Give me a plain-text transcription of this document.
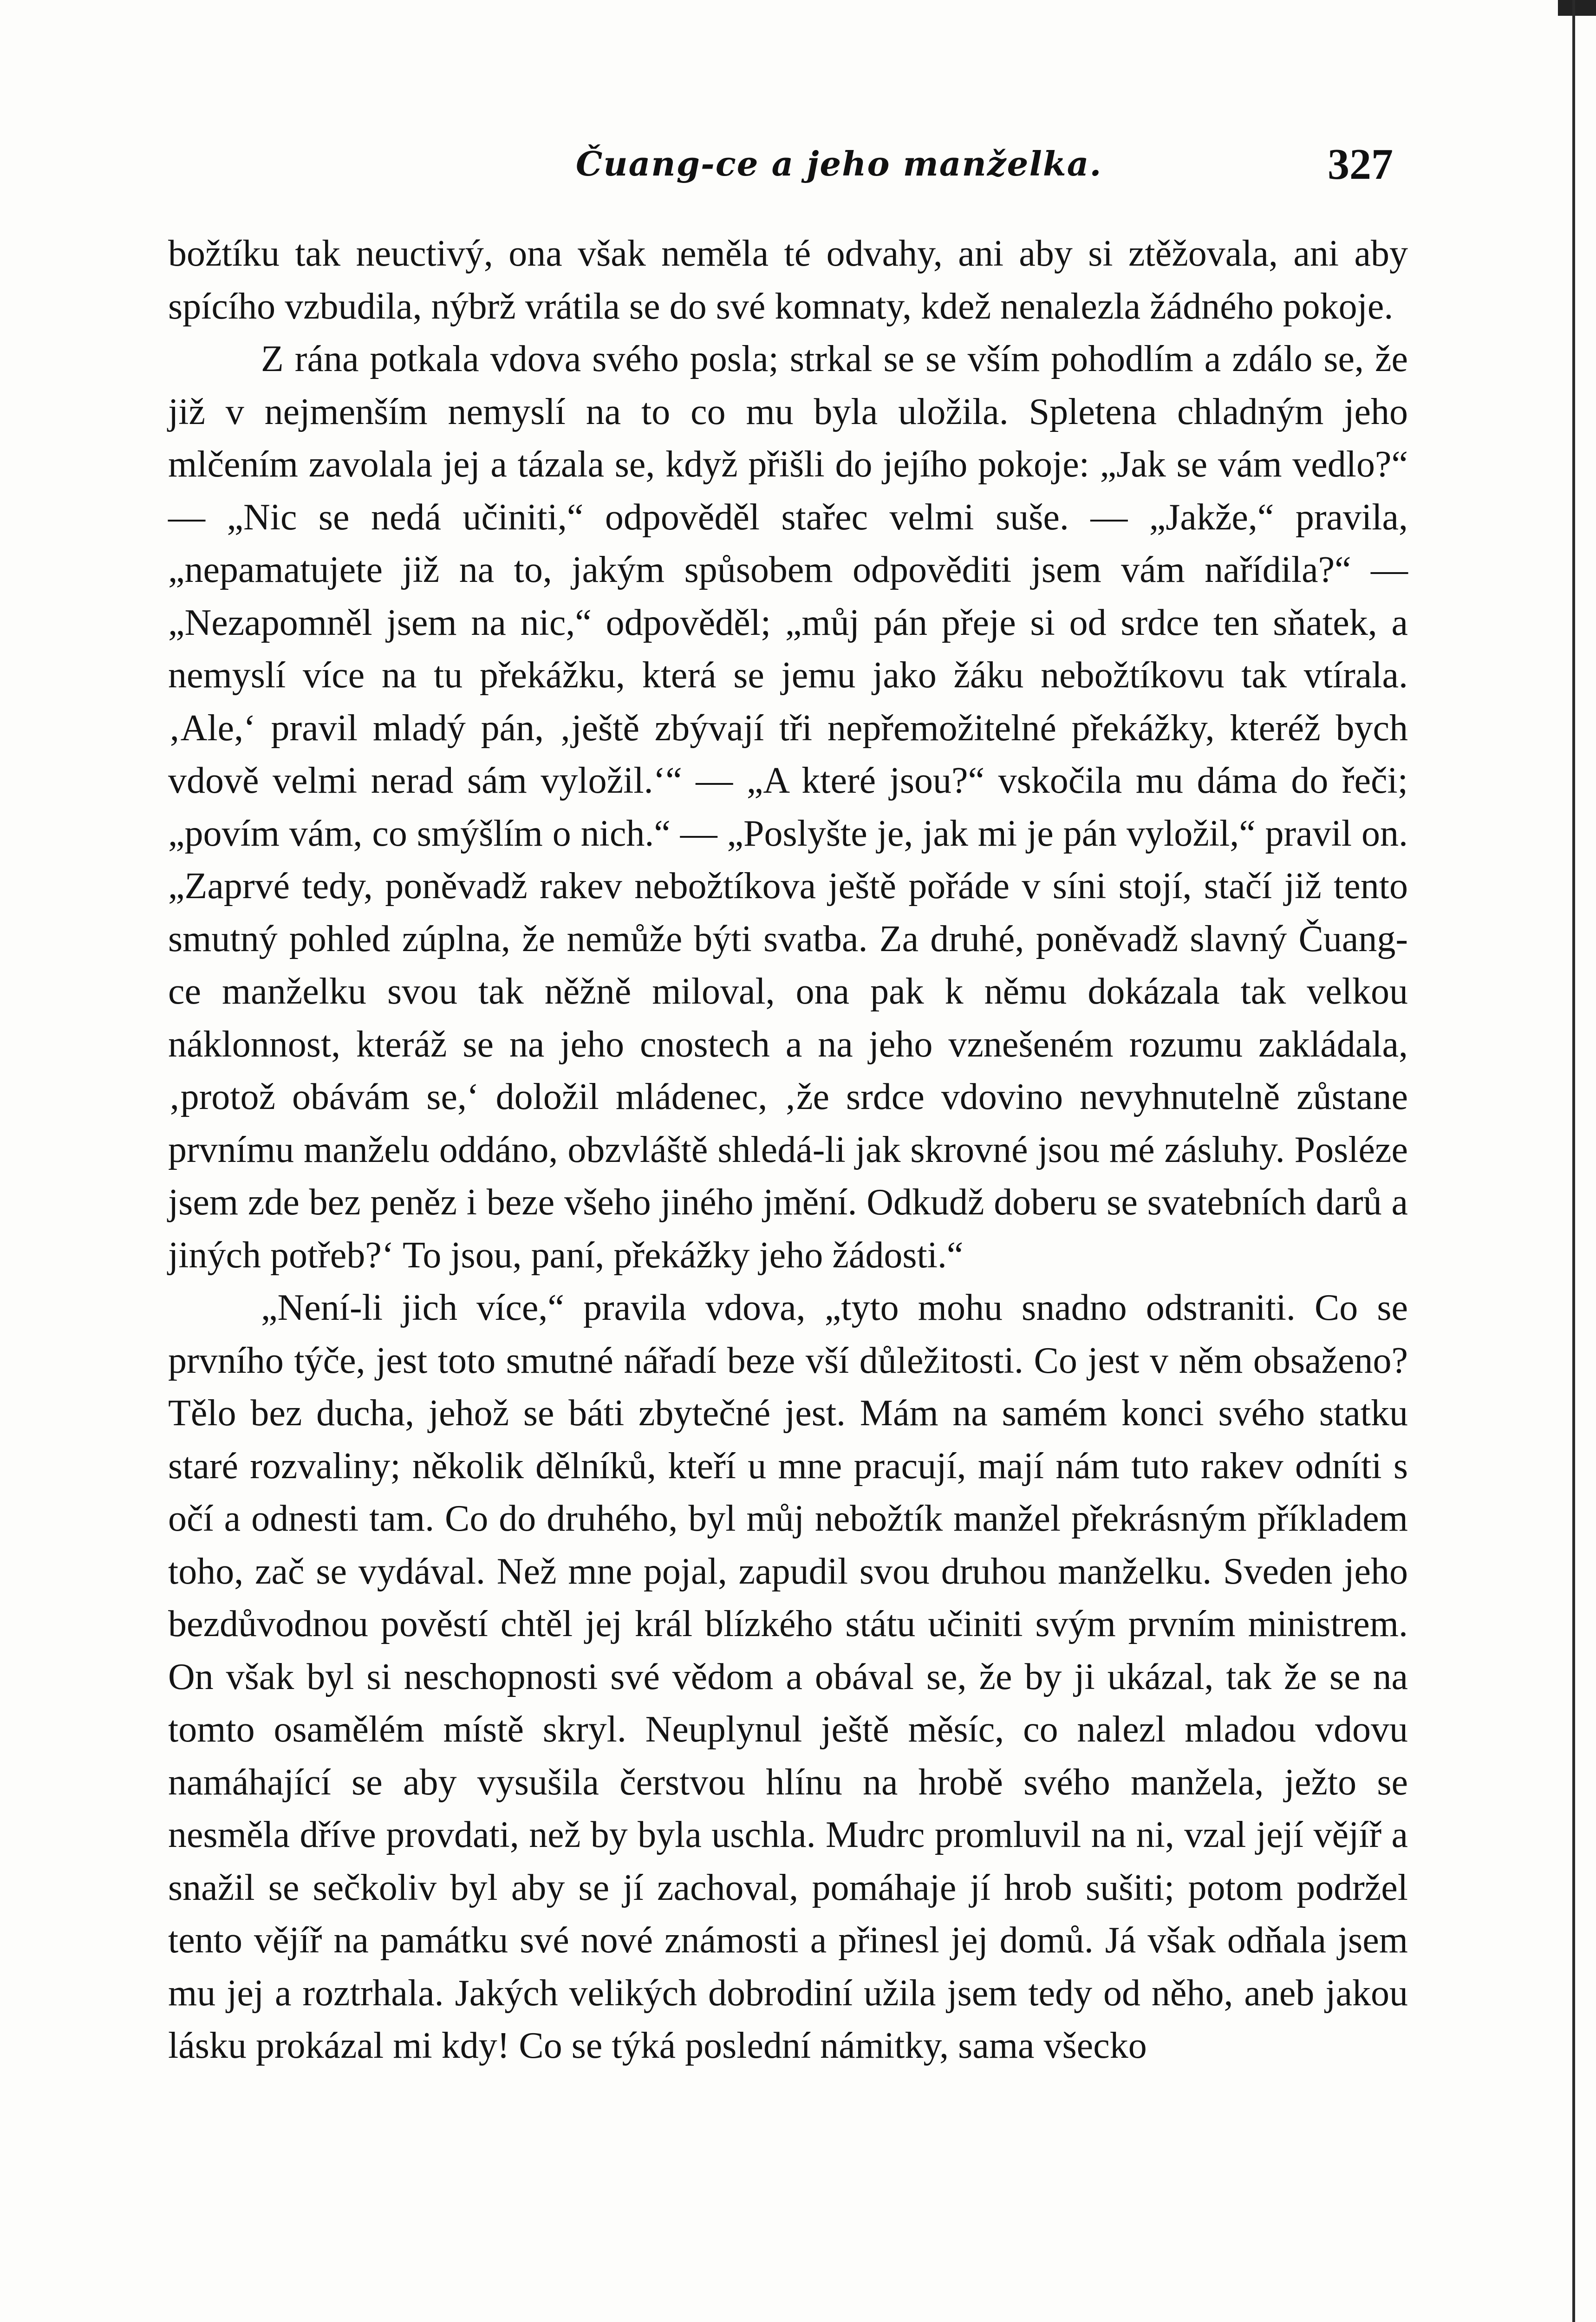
Čuang-ce a jeho manželka.	327

božtíku tak neuctivý, ona však neměla té odvahy, ani aby si ztěžovala, ani aby spícího vzbudila, nýbrž vrátila se do své komnaty, kdež nenalezla žádného pokoje.

Z rána potkala vdova svého posla; strkal se se vším pohodlím a zdálo se, že již v nejmenším nemyslí na to co mu byla uložila. Spletena chladným jeho mlčením zavolala jej a tázala se, když přišli do jejího pokoje: „Jak se vám vedlo?“ — „Nic se nedá učiniti,“ odpověděl stařec velmi suše. — „Jakže,“ pravila, „nepamatujete již na to, jakým spůsobem odpověditi jsem vám nařídila?“ — „Nezapomněl jsem na nic,“ odpověděl; „můj pán přeje si od srdce ten sňatek, a nemyslí více na tu překážku, která se jemu jako žáku nebožtíkovu tak vtírala. ‚Ale,‘ pravil mladý pán, ‚ještě zbývají tři nepřemožitelné překážky, kteréž bych vdově velmi nerad sám vyložil.‘“ — „A které jsou?“ vskočila mu dáma do řeči; „povím vám, co smýšlím o nich.“ — „Poslyšte je, jak mi je pán vyložil,“ pravil on. „Zaprvé tedy, poněvadž rakev nebožtíkova ještě pořáde v síni stojí, stačí již tento smutný pohled zúplna, že nemůže býti svatba. Za druhé, poněvadž slavný Čuang-ce manželku svou tak něžně miloval, ona pak k němu dokázala tak velkou náklonnost, kteráž se na jeho cnostech a na jeho vznešeném rozumu zakládala, ‚protož obávám se,‘ doložil mládenec, ‚že srdce vdovino nevyhnutelně zůstane prvnímu manželu oddáno, obzvláště shledá-li jak skrovné jsou mé zásluhy. Posléze jsem zde bez peněz i beze všeho jiného jmění. Odkudž doberu se svatebních darů a jiných potřeb?‘ To jsou, paní, překážky jeho žádosti.“

„Není-li jich více,“ pravila vdova, „tyto mohu snadno odstraniti. Co se prvního týče, jest toto smutné nářadí beze vší důležitosti. Co jest v něm obsaženo? Tělo bez ducha, jehož se báti zbytečné jest. Mám na samém konci svého statku staré rozvaliny; několik dělníků, kteří u mne pracují, mají nám tuto rakev odníti s očí a odnesti tam. Co do druhého, byl můj nebožtík manžel překrásným příkladem toho, zač se vydával. Než mne pojal, zapudil svou druhou manželku. Sveden jeho bezdůvodnou pověstí chtěl jej král blízkého státu učiniti svým prvním ministrem. On však byl si neschopnosti své vědom a obával se, že by ji ukázal, tak že se na tomto osamělém místě skryl. Neuplynul ještě měsíc, co nalezl mladou vdovu namáhající se aby vysušila čerstvou hlínu na hrobě svého manžela, ježto se nesměla dříve provdati, než by byla uschla. Mudrc promluvil na ni, vzal její vějíř a snažil se sečkoliv byl aby se jí zachoval, pomáhaje jí hrob sušiti; potom podržel tento vějíř na památku své nové známosti a přinesl jej domů. Já však odňala jsem mu jej a roztrhala. Jakých velikých dobrodiní užila jsem tedy od něho, aneb jakou lásku prokázal mi kdy! Co se týká poslední námitky, sama všecko
